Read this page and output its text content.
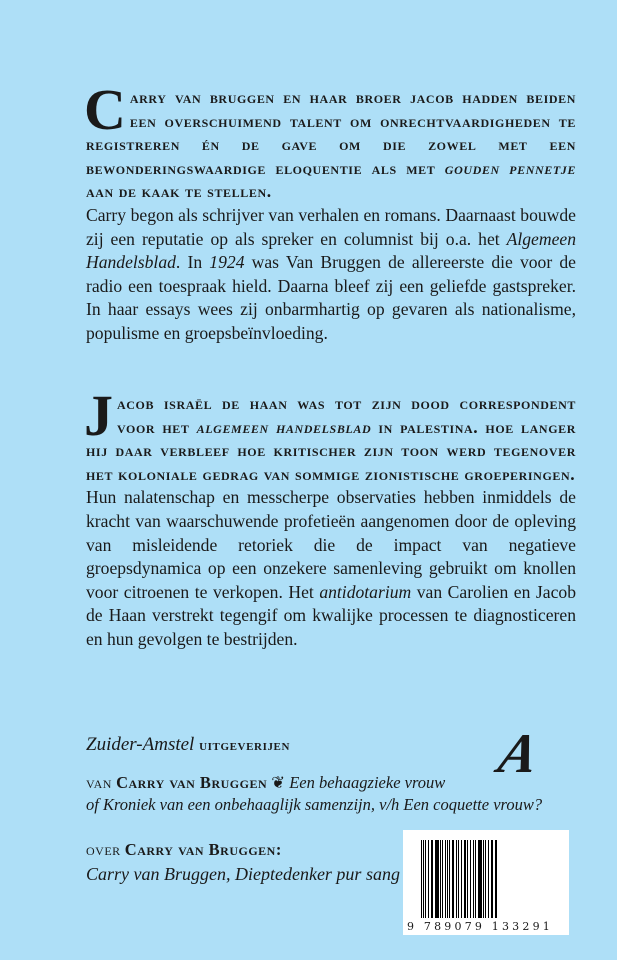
Carry van bruggen en haar broer jacob hadden beiden een overschuimend talent om onrechtvaardigheden te registreren én de gave om die zowel met een bewonderingswaardige eloquentie als met gouden pennetje aan de kaak te stellen.
Carry begon als schrijver van verhalen en romans. Daarnaast bouwde zij een reputatie op als spreker en columnist bij o.a. het Algemeen Handelsblad. In 1924 was Van Bruggen de allereerste die voor de radio een toespraak hield. Daarna bleef zij een geliefde gastspreker. In haar essays wees zij onbarmhartig op gevaren als nationalisme, populisme en groepsbeïnvloeding.
Jacob israël de haan was tot zijn dood correspondent voor het algemeen handelsblad in palestina. hoe langer hij daar verbleef hoe kritischer zijn toon werd tegenover het koloniale gedrag van sommige zionistische groeperingen.
Hun nalatenschap en messcherpe observaties hebben inmiddels de kracht van waarschuwende profetieën aangenomen door de opleving van misleidende retoriek die de impact van negatieve groepsdynamica op een onzekere samenleving gebruikt om knollen voor citroenen te verkopen. Het antidotarium van Carolien en Jacob de Haan verstrekt tegengif om kwalijke processen te diagnosticeren en hun gevolgen te bestrijden.
Zuider-Amstel uitgeverijen	A
van Carry van Bruggen ❦ Een behaagzieke vrouw
of Kroniek van een onbehaaglijk samenzijn, v/h Een coquette vrouw?
over Carry van Bruggen:
Carry van Bruggen, Dieptedenker pur sang
9 789079 133291
